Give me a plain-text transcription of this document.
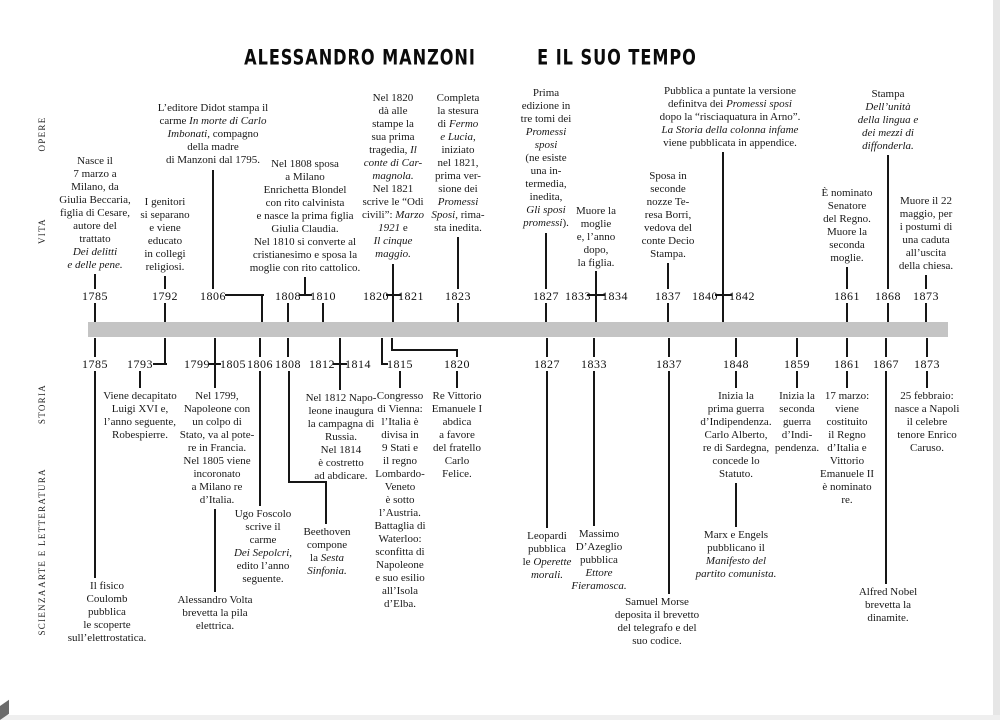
ALESSANDRO MANZONI	E IL SUO TEMPO
1785	1792	1806	1808 1810	1820 1821	1823	1827 1833 1834	1837 1840 1842	1861	1868	1873
1785	1793	1799 1805 1806 1808 1812 1814	1815	1820	1827	1833	1837	1848	1859	1861	1867	1873
OPERE
VITA
STORIA
ARTE E LETTERATURA
SCIENZA
Nasce il
7 marzo a
Milano, da
Giulia Beccaria,
figlia di Cesare,
autore del
trattato
Dei delitti
e delle pene.
I genitori
si separano
e viene
educato
in collegi
religiosi.
L’editore Didot stampa il
carme In morte di Carlo
Imbonati, compagno
della madre
di Manzoni dal 1795.	Nel 1808 sposa
a Milano
Enrichetta Blondel
con rito calvinista
e nasce la prima figlia
Giulia Claudia.
Nel 1810 si converte al
cristianesimo e sposa la
moglie con rito cattolico.
Nel 1820
dà alle
stampe la
sua prima
tragedia, Il
conte di Car-
magnola.
Nel 1821
scrive le “Odi
civili”: Marzo
1921 e
Il cinque
maggio.
Completa
la stesura
di Fermo
e Lucia,
iniziato
nel 1821,
prima ver-
sione dei
Promessi
Sposi, rima-
sta inedita.
Prima
edizione in
tre tomi dei
Promessi
sposi
(ne esiste
una in-
termedia,
inedita,
Gli sposi
promessi).
Muore la
moglie
e, l’anno
dopo,
la figlia.
Sposa in
seconde
nozze Te-
resa Borri,
vedova del
conte Decio
Stampa.
Pubblica a puntate la versione
definitva dei Promessi sposi
dopo la “risciaquatura in Arno”.
La Storia della colonna infame
viene pubblicata in appendice.
È nominato
Senatore
del Regno.
Muore la
seconda
moglie.
Stampa
Dell’unità
della lingua e
dei mezzi di
diffonderla.
Muore il 22
maggio, per
i postumi di
una caduta
all’uscita
della chiesa.
Il fisico
Coulomb
pubblica
le scoperte
sull’elettrostatica.
Viene decapitato
Luigi XVI e,
l’anno seguente,
Robespierre.
Nel 1799,
Napoleone con
un colpo di
Stato, va al pote-
re in Francia.
Nel 1805 viene
incoronato
a Milano re
d’Italia.
Alessandro Volta
brevetta la pila
elettrica.
Ugo Foscolo
scrive il
carme
Dei Sepolcri,
edito l’anno
seguente.
Beethoven
compone
la Sesta
Sinfonia.
Nel 1812 Napo-
leone inaugura
la campagna di
Russia.
Nel 1814
è costretto
ad abdicare.
Congresso
di Vienna:
l’Italia è
divisa in
9 Stati e
il regno
Lombardo-
Veneto
è sotto
l’Austria.
Battaglia di
Waterloo:
sconfitta di
Napoleone
e suo esilio
all’Isola
d’Elba.
Re Vittorio
Emanuele I
abdica
a favore
del fratello
Carlo
Felice.
Leopardi
pubblica
le Operette
morali.
Massimo
D’Azeglio
pubblica
Ettore
Fieramosca.
Samuel Morse
deposita il brevetto
del telegrafo e del
suo codice.
Inizia la
prima guerra
d’Indipendenza.
Carlo Alberto,
re di Sardegna,
concede lo
Statuto.
Marx e Engels
pubblicano il
Manifesto del
partito comunista.
Inizia la
seconda
guerra
d’Indi-
pendenza.
17 marzo:
viene
costituito
il Regno
d’Italia e
Vittorio
Emanuele II
è nominato
re.
Alfred Nobel
brevetta la
dinamite.
25 febbraio:
nasce a Napoli
il celebre
tenore Enrico
Caruso.
